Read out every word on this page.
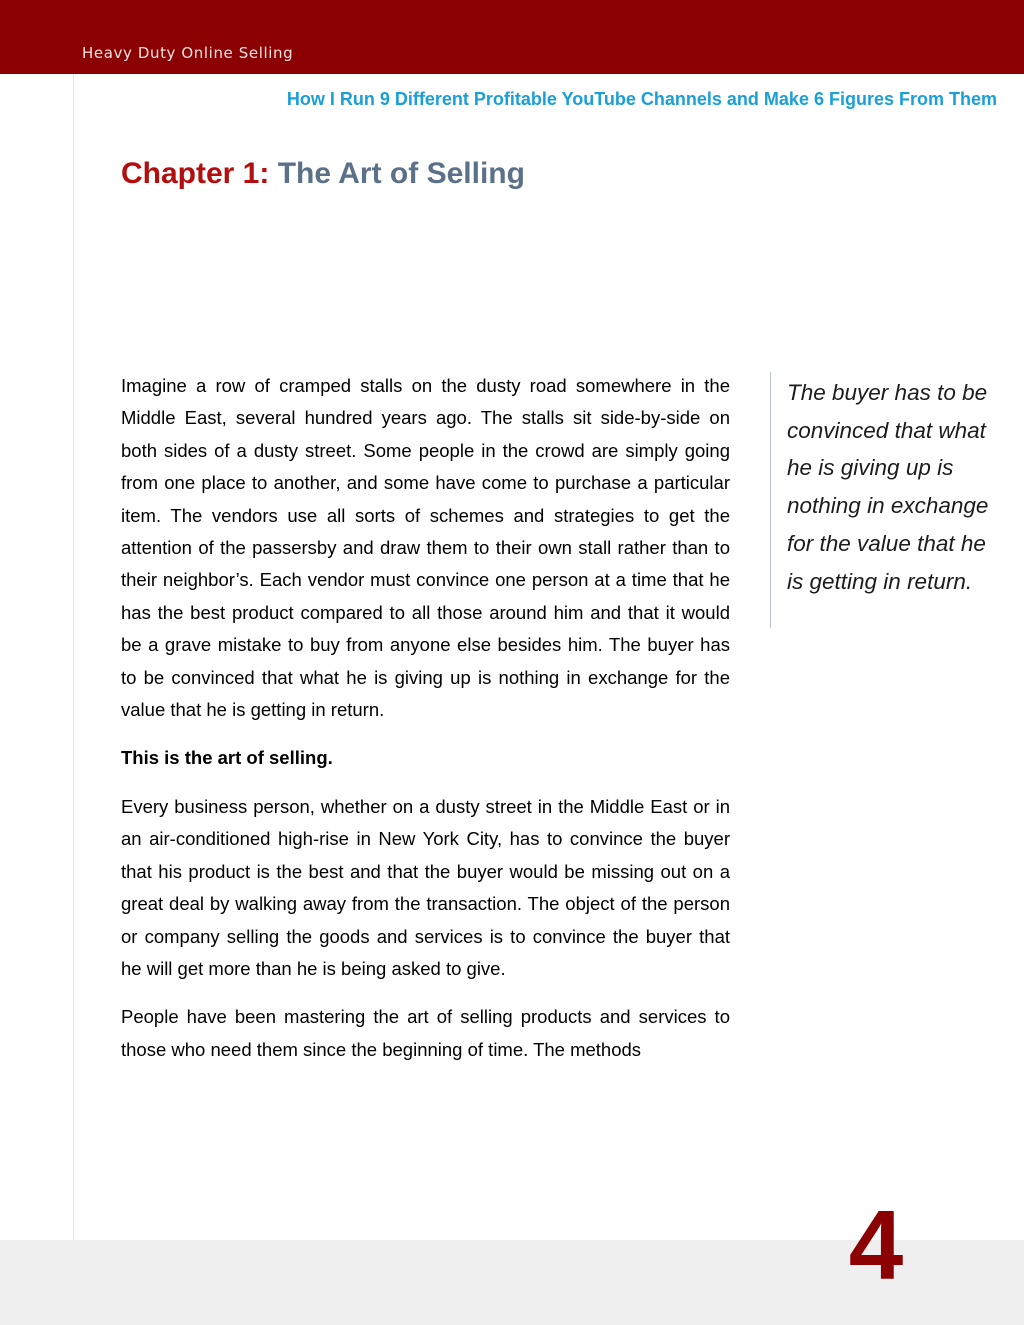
Heavy Duty Online Selling
How I Run 9 Different Profitable YouTube Channels and Make 6 Figures From Them
Chapter 1: The Art of Selling

Imagine a row of cramped stalls on the dusty road somewhere in the Middle East, several hundred years ago. The stalls sit side-by-side on both sides of a dusty street. Some people in the crowd are simply going from one place to another, and some have come to purchase a particular item. The vendors use all sorts of schemes and strategies to get the attention of the passersby and draw them to their own stall rather than to their neighbor’s. Each vendor must convince one person at a time that he has the best product compared to all those around him and that it would be a grave mistake to buy from anyone else besides him. The buyer has to be convinced that what he is giving up is nothing in exchange for the value that he is getting in return.

This is the art of selling.

Every business person, whether on a dusty street in the Middle East or in an air-conditioned high-rise in New York City, has to convince the buyer that his product is the best and that the buyer would be missing out on a great deal by walking away from the transaction. The object of the person or company selling the goods and services is to convince the buyer that he will get more than he is being asked to give.

People have been mastering the art of selling products and services to those who need them since the beginning of time. The methods

The buyer has to be convinced that what he is giving up is nothing in exchange for the value that he is getting in return.
4
